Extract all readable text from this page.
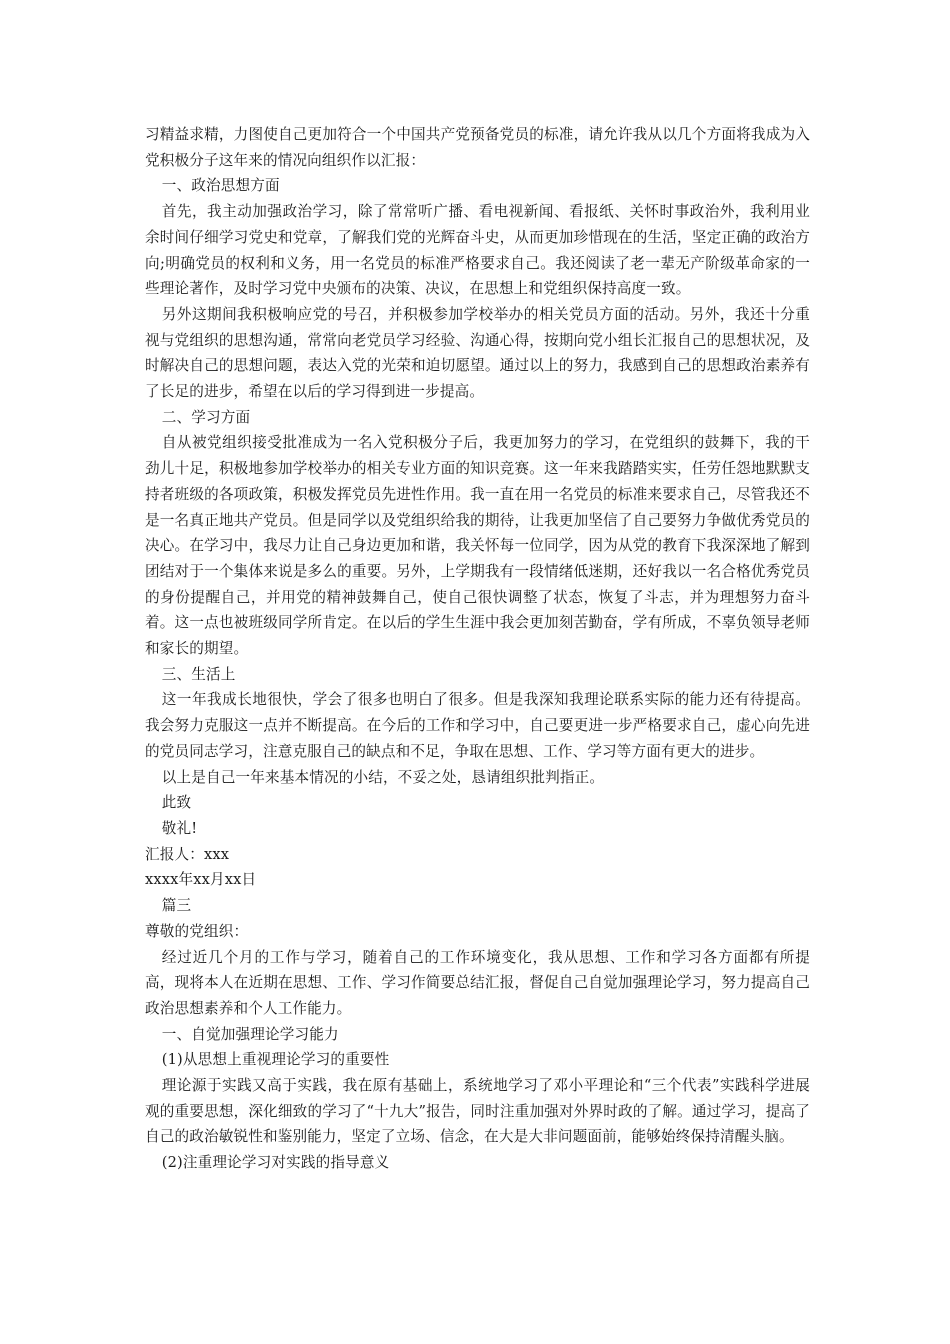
习精益求精，力图使自己更加符合一个中国共产党预备党员的标准，请允许我从以几个方面将我成为入党积极分子这年来的情况向组织作以汇报：

一、政治思想方面

首先，我主动加强政治学习，除了常常听广播、看电视新闻、看报纸、关怀时事政治外，我利用业余时间仔细学习党史和党章，了解我们党的光辉奋斗史，从而更加珍惜现在的生活，坚定正确的政治方向;明确党员的权利和义务，用一名党员的标准严格要求自己。我还阅读了老一辈无产阶级革命家的一些理论著作，及时学习党中央颁布的决策、决议，在思想上和党组织保持高度一致。

另外这期间我积极响应党的号召，并积极参加学校举办的相关党员方面的活动。另外，我还十分重视与党组织的思想沟通，常常向老党员学习经验、沟通心得，按期向党小组长汇报自己的思想状况，及时解决自己的思想问题，表达入党的光荣和迫切愿望。通过以上的努力，我感到自己的思想政治素养有了长足的进步，希望在以后的学习得到进一步提高。

二、学习方面

自从被党组织接受批准成为一名入党积极分子后，我更加努力的学习，在党组织的鼓舞下，我的干劲儿十足，积极地参加学校举办的相关专业方面的知识竞赛。这一年来我踏踏实实，任劳任怨地默默支持者班级的各项政策，积极发挥党员先进性作用。我一直在用一名党员的标准来要求自己，尽管我还不是一名真正地共产党员。但是同学以及党组织给我的期待，让我更加坚信了自己要努力争做优秀党员的决心。在学习中，我尽力让自己身边更加和谐，我关怀每一位同学，因为从党的教育下我深深地了解到团结对于一个集体来说是多么的重要。另外，上学期我有一段情绪低迷期，还好我以一名合格优秀党员的身份提醒自己，并用党的精神鼓舞自己，使自己很快调整了状态，恢复了斗志，并为理想努力奋斗着。这一点也被班级同学所肯定。在以后的学生生涯中我会更加刻苦勤奋，学有所成，不辜负领导老师和家长的期望。

三、生活上

这一年我成长地很快，学会了很多也明白了很多。但是我深知我理论联系实际的能力还有待提高。我会努力克服这一点并不断提高。在今后的工作和学习中，自己要更进一步严格要求自己，虚心向先进的党员同志学习，注意克服自己的缺点和不足，争取在思想、工作、学习等方面有更大的进步。

以上是自己一年来基本情况的小结，不妥之处，恳请组织批判指正。

此致

敬礼!

汇报人：xxx

xxxx年xx月xx日

篇三

尊敬的党组织：

经过近几个月的工作与学习，随着自己的工作环境变化，我从思想、工作和学习各方面都有所提高，现将本人在近期在思想、工作、学习作简要总结汇报，督促自己自觉加强理论学习，努力提高自己政治思想素养和个人工作能力。

一、自觉加强理论学习能力

(1)从思想上重视理论学习的重要性

理论源于实践又高于实践，我在原有基础上，系统地学习了邓小平理论和“三个代表”实践科学进展观的重要思想，深化细致的学习了“十九大”报告，同时注重加强对外界时政的了解。通过学习，提高了自己的政治敏锐性和鉴别能力，坚定了立场、信念，在大是大非问题面前，能够始终保持清醒头脑。

(2)注重理论学习对实践的指导意义
